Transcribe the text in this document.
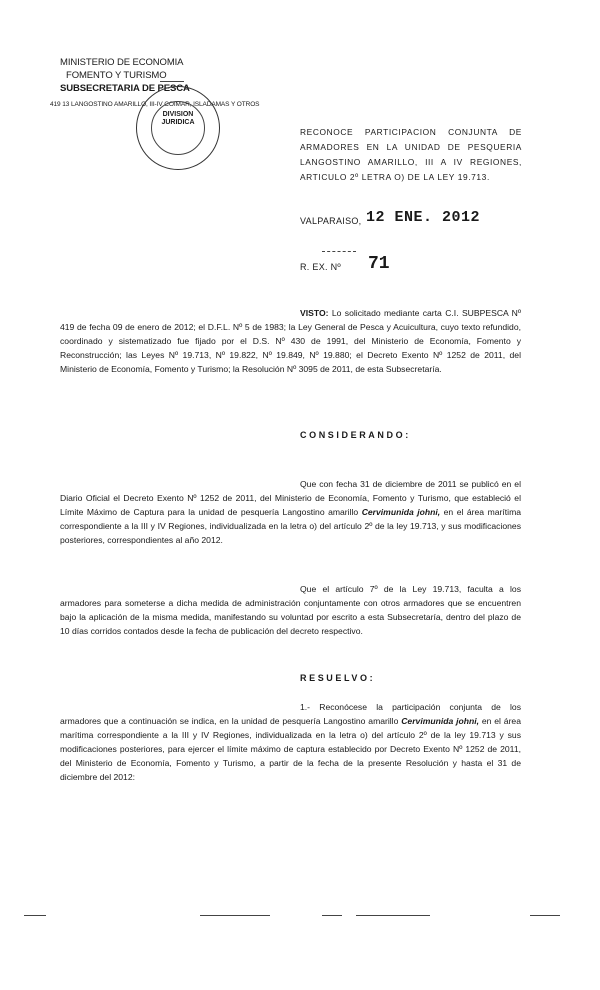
MINISTERIO DE ECONOMIA
FOMENTO Y TURISMO
SUBSECRETARIA DE PESCA
419 13 LANGOSTINO AMARILLO, III-IV COIMAR, ISLADAMAS Y OTROS
DIVISION
JURIDICA
RECONOCE PARTICIPACION CONJUNTA DE ARMADORES EN LA UNIDAD DE PESQUERIA LANGOSTINO AMARILLO, III A IV REGIONES, ARTICULO 2º LETRA O) DE LA LEY 19.713.
VALPARAISO, 12 ENE. 2012
R. EX. Nº 71
VISTO: Lo solicitado mediante carta C.I. SUBPESCA Nº 419 de fecha 09 de enero de 2012; el D.F.L. Nº 5 de 1983; la Ley General de Pesca y Acuicultura, cuyo texto refundido, coordinado y sistematizado fue fijado por el D.S. Nº 430 de 1991, del Ministerio de Economía, Fomento y Reconstrucción; las Leyes Nº 19.713, Nº 19.822, Nº 19.849, Nº 19.880; el Decreto Exento Nº 1252 de 2011, del Ministerio de Economía, Fomento y Turismo; la Resolución Nº 3095 de 2011, de esta Subsecretaría.
CONSIDERANDO:
Que con fecha 31 de diciembre de 2011 se publicó en el Diario Oficial el Decreto Exento Nº 1252 de 2011, del Ministerio de Economía, Fomento y Turismo, que estableció el Límite Máximo de Captura para la unidad de pesquería Langostino amarillo Cervimunida johni, en el área marítima correspondiente a la III y IV Regiones, individualizada en la letra o) del artículo 2º de la ley 19.713, y sus modificaciones posteriores, correspondientes al año 2012.
Que el artículo 7º de la Ley 19.713, faculta a los armadores para someterse a dicha medida de administración conjuntamente con otros armadores que se encuentren bajo la aplicación de la misma medida, manifestando su voluntad por escrito a esta Subsecretaría, dentro del plazo de 10 días corridos contados desde la fecha de publicación del decreto respectivo.
RESUELVO:
1.- Reconócese la participación conjunta de los armadores que a continuación se indica, en la unidad de pesquería Langostino amarillo Cervimunida johni, en el área marítima correspondiente a la III y IV Regiones, individualizada en la letra o) del artículo 2º de la ley 19.713 y sus modificaciones posteriores, para ejercer el límite máximo de captura establecido por Decreto Exento Nº 1252 de 2011, del Ministerio de Economía, Fomento y Turismo, a partir de la fecha de la presente Resolución y hasta el 31 de diciembre del 2012:
